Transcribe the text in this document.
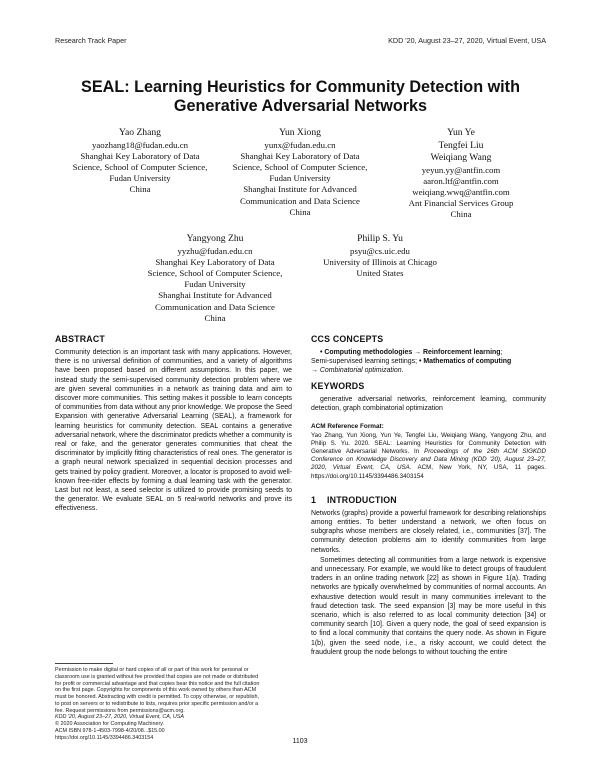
Research Track Paper	KDD '20, August 23–27, 2020, Virtual Event, USA
SEAL: Learning Heuristics for Community Detection with
Generative Adversarial Networks
Yao Zhang
yaozhang18@fudan.edu.cn
Shanghai Key Laboratory of Data
Science, School of Computer Science,
Fudan University
China
Yun Xiong
yunx@fudan.edu.cn
Shanghai Key Laboratory of Data
Science, School of Computer Science,
Fudan University
Shanghai Institute for Advanced
Communication and Data Science
China
Yun Ye
Tengfei Liu
Weiqiang Wang
yeyun.yy@antfin.com
aaron.ltf@antfin.com
weiqiang.wwq@antfin.com
Ant Financial Services Group
China
Yangyong Zhu
yyzhu@fudan.edu.cn
Shanghai Key Laboratory of Data
Science, School of Computer Science,
Fudan University
Shanghai Institute for Advanced
Communication and Data Science
China
Philip S. Yu
psyu@cs.uic.edu
University of Illinois at Chicago
United States
ABSTRACT

Community detection is an important task with many applications. However, there is no universal definition of communities, and a variety of algorithms have been proposed based on different assumptions. In this paper, we instead study the semi-supervised community detection problem where we are given several communities in a network as training data and aim to discover more communities. This setting makes it possible to learn concepts of communities from data without any prior knowledge. We propose the Seed Expansion with generative Adversarial Learning (SEAL), a framework for learning heuristics for community detection. SEAL contains a generative adversarial network, where the discriminator predicts whether a community is real or fake, and the generator generates communities that cheat the discriminator by implicitly fitting characteristics of real ones. The generator is a graph neural network specialized in sequential decision processes and gets trained by policy gradient. Moreover, a locator is proposed to avoid well-known free-rider effects by forming a dual learning task with the generator. Last but not least, a seed selector is utilized to provide promising seeds to the generator. We evaluate SEAL on 5 real-world networks and prove its effectiveness.

Permission to make digital or hard copies of all or part of this work for personal or
classroom use is granted without fee provided that copies are not made or distributed
for profit or commercial advantage and that copies bear this notice and the full citation
on the first page. Copyrights for components of this work owned by others than ACM
must be honored. Abstracting with credit is permitted. To copy otherwise, or republish,
to post on servers or to redistribute to lists, requires prior specific permission and/or a
fee. Request permissions from permissions@acm.org.
KDD '20, August 23–27, 2020, Virtual Event, CA, USA
© 2020 Association for Computing Machinery.
ACM ISBN 978-1-4503-7998-4/20/08...$15.00
https://doi.org/10.1145/3394486.3403154
CCS CONCEPTS

• Computing methodologies → Reinforcement learning;

Semi-supervised learning settings; • Mathematics of computing

→ Combinatorial optimization.

KEYWORDS

generative adversarial networks, reinforcement learning, community detection, graph combinatorial optimization

ACM Reference Format:

Yao Zhang, Yun Xiong, Yun Ye, Tengfei Liu, Weiqiang Wang, Yangyong Zhu, and Philip S. Yu. 2020. SEAL: Learning Heuristics for Community Detection with Generative Adversarial Networks. In Proceedings of the 26th ACM SIGKDD Conference on Knowledge Discovery and Data Mining (KDD '20), August 23–27, 2020, Virtual Event, CA, USA. ACM, New York, NY, USA, 11 pages. https://doi.org/10.1145/3394486.3403154

1 INTRODUCTION

Networks (graphs) provide a powerful framework for describing relationships among entities. To better understand a network, we often focus on subgraphs whose members are closely related, i.e., communities [37]. The community detection problems aim to identify communities from large networks.

Sometimes detecting all communities from a large network is expensive and unnecessary. For example, we would like to detect groups of fraudulent traders in an online trading network [22] as shown in Figure 1(a). Trading networks are typically overwhelmed by communities of normal accounts. An exhaustive detection would result in many communities irrelevant to the fraud detection task. The seed expansion [3] may be more useful in this scenario, which is also referred to as local community detection [34] or community search [10]. Given a query node, the goal of seed expansion is to find a local community that contains the query node. As shown in Figure 1(b), given the seed node, i.e., a risky account, we could detect the fraudulent group the node belongs to without touching the entire

1103
